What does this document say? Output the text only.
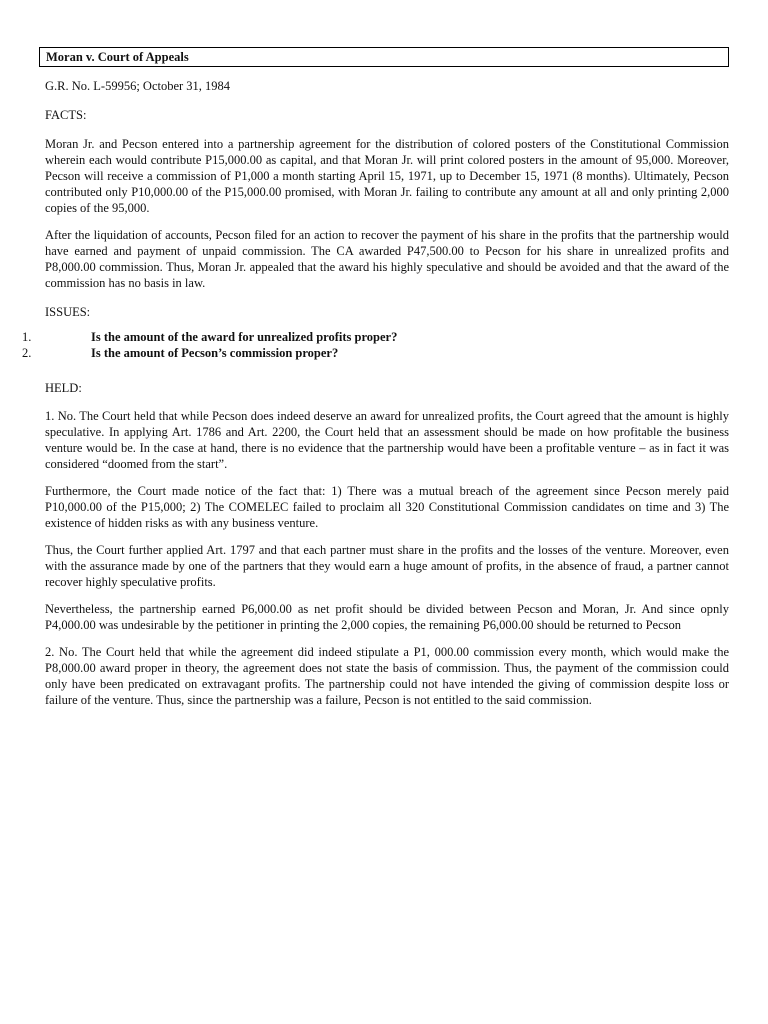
Moran v. Court of Appeals
G.R. No. L-59956; October 31, 1984
FACTS:
Moran Jr. and Pecson entered into a partnership agreement for the distribution of colored posters of the Constitutional Commission wherein each would contribute P15,000.00 as capital, and that Moran Jr. will print colored posters in the amount of 95,000. Moreover, Pecson will receive a commission of P1,000 a month starting April 15, 1971, up to December 15, 1971 (8 months). Ultimately, Pecson contributed only P10,000.00 of the P15,000.00 promised, with Moran Jr. failing to contribute any amount at all and only printing 2,000 copies of the 95,000.
After the liquidation of accounts, Pecson filed for an action to recover the payment of his share in the profits that the partnership would have earned and payment of unpaid commission. The CA awarded P47,500.00 to Pecson for his share in unrealized profits and P8,000.00 commission. Thus, Moran Jr. appealed that the award his highly speculative and should be avoided and that the award of the commission has no basis in law.
ISSUES:
1.	Is the amount of the award for unrealized profits proper?
2.	Is the amount of Pecson’s commission proper?
HELD:
1. No. The Court held that while Pecson does indeed deserve an award for unrealized profits, the Court agreed that the amount is highly speculative. In applying Art. 1786 and Art. 2200, the Court held that an assessment should be made on how profitable the business venture would be. In the case at hand, there is no evidence that the partnership would have been a profitable venture – as in fact it was considered “doomed from the start”.
Furthermore, the Court made notice of the fact that: 1) There was a mutual breach of the agreement since Pecson merely paid P10,000.00 of the P15,000; 2) The COMELEC failed to proclaim all 320 Constitutional Commission candidates on time and 3) The existence of hidden risks as with any business venture.
Thus, the Court further applied Art. 1797 and that each partner must share in the profits and the losses of the venture. Moreover, even with the assurance made by one of the partners that they would earn a huge amount of profits, in the absence of fraud, a partner cannot recover highly speculative profits.
Nevertheless, the partnership earned P6,000.00 as net profit should be divided between Pecson and Moran, Jr. And since opnly P4,000.00 was undesirable by the petitioner in printing the 2,000 copies, the remaining P6,000.00 should be returned to Pecson
2. No. The Court held that while the agreement did indeed stipulate a P1, 000.00 commission every month, which would make the P8,000.00 award proper in theory, the agreement does not state the basis of commission. Thus, the payment of the commission could only have been predicated on extravagant profits. The partnership could not have intended the giving of commission despite loss or failure of the venture. Thus, since the partnership was a failure, Pecson is not entitled to the said commission.
